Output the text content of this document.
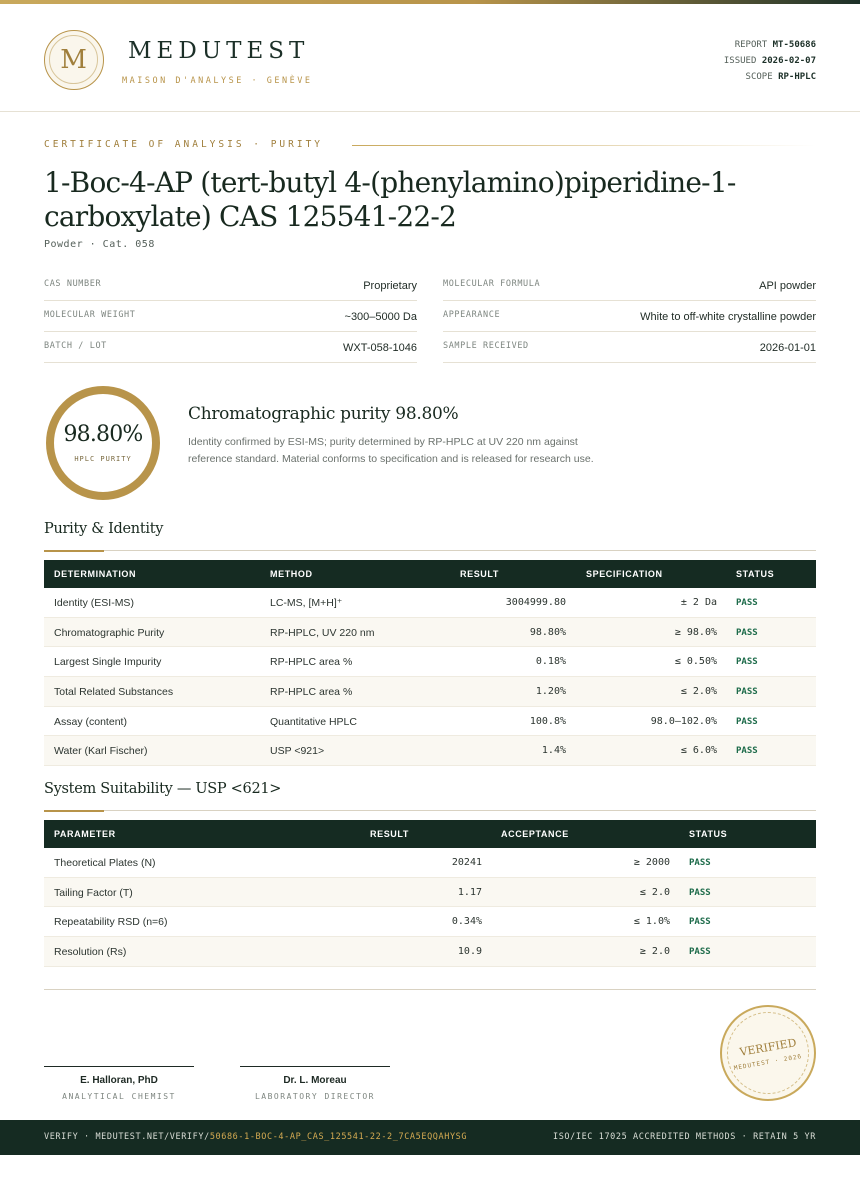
M	MEDUTEST
MAISON D'ANALYSE · GENÈVE
REPORT MT-50686
ISSUED 2026-02-07
SCOPE RP-HPLC
CERTIFICATE OF ANALYSIS · PURITY
1-Boc-4-AP (tert-butyl 4-(phenylamino)piperidine-1-carboxylate) CAS 125541-22-2
Powder · Cat. 058
CAS NUMBER	Proprietary
MOLECULAR WEIGHT	~300–5000 Da
BATCH / LOT	WXT-058-1046
MOLECULAR FORMULA	API powder
APPEARANCE	White to off-white crystalline powder
SAMPLE RECEIVED	2026-01-01
98.80%
HPLC PURITY
Chromatographic purity 98.80%
Identity confirmed by ESI-MS; purity determined by RP-HPLC at UV 220 nm against reference standard. Material conforms to specification and is released for research use.
Purity & Identity
DETERMINATION	METHOD	RESULT	SPECIFICATION	STATUS
Identity (ESI-MS)	LC-MS, [M+H]⁺	3004999.80	± 2 Da PASS
Chromatographic Purity	RP-HPLC, UV 220 nm	98.80%	≥ 98.0% PASS
Largest Single Impurity	RP-HPLC area %	0.18%	≤ 0.50% PASS
Total Related Substances	RP-HPLC area %	1.20%	≤ 2.0% PASS
Assay (content)	Quantitative HPLC	100.8%	98.0–102.0% PASS
Water (Karl Fischer)	USP <921>	1.4%	≤ 6.0% PASS
System Suitability — USP <621>
PARAMETER	RESULT	ACCEPTANCE	STATUS
Theoretical Plates (N)	20241	≥ 2000 PASS
Tailing Factor (T)	1.17	≤ 2.0 PASS
Repeatability RSD (n=6)	0.34%	≤ 1.0% PASS
Resolution (Rs)	10.9	≥ 2.0 PASS
E. Halloran, PhD
ANALYTICAL CHEMIST
Dr. L. Moreau
LABORATORY DIRECTOR
VERIFIED
MEDUTEST · 2026
VERIFY · MEDUTEST.NET/VERIFY/50686-1-BOC-4-AP_CAS_125541-22-2_7CA5EQQAHYSG	ISO/IEC 17025 ACCREDITED METHODS · RETAIN 5 YR
